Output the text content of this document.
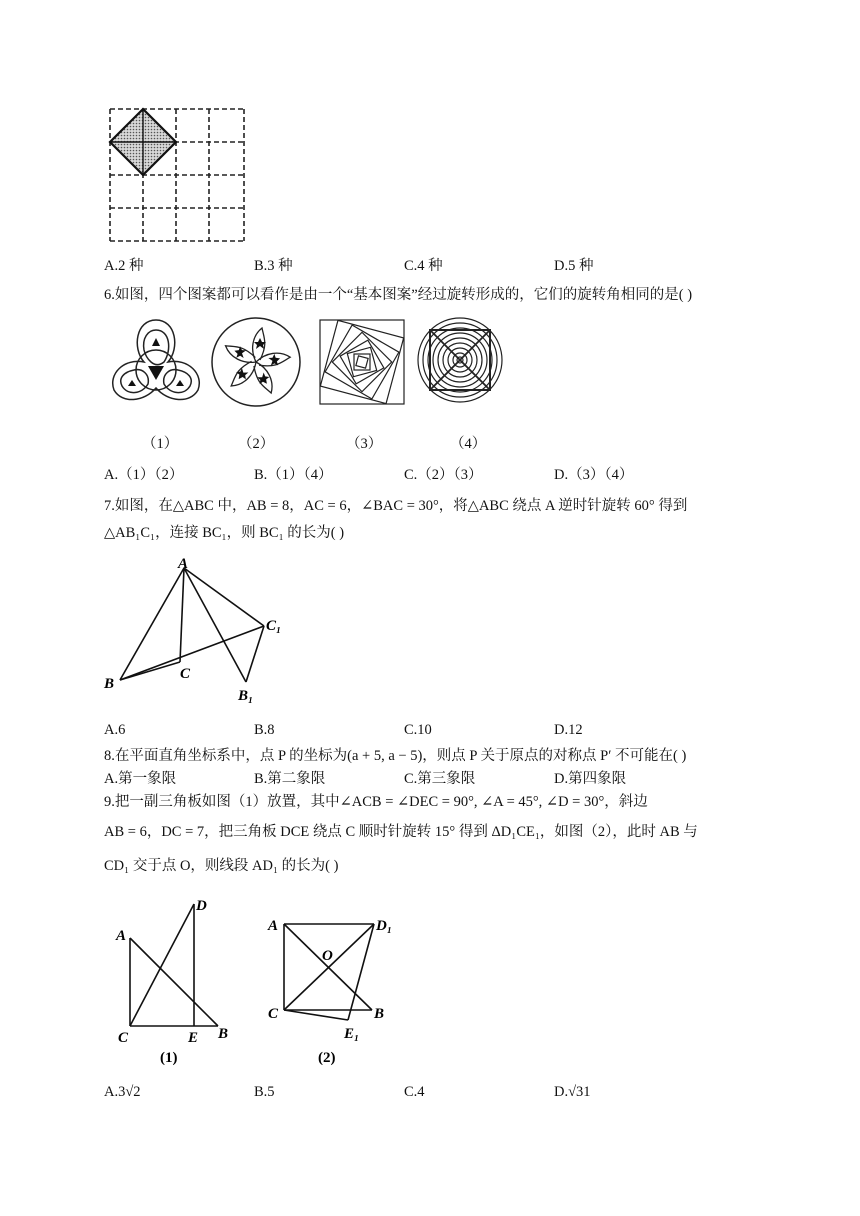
A.2 种	B.3 种	C.4 种	D.5 种
6.如图，四个图案都可以看作是由一个“基本图案”经过旋转形成的，它们的旋转角相同的是( )
（1）	（2）	（3）	（4）
A.（1）（2）	B.（1）（4）	C.（2）（3）	D.（3）（4）
7.如图，在△ABC 中，AB = 8，AC = 6，∠BAC = 30°，将△ABC 绕点 A 逆时针旋转 60° 得到
△AB₁C₁，连接 BC₁，则 BC₁ 的长为( )
A
B
C
C₁
B₁
A.6	B.8	C.10	D.12
8.在平面直角坐标系中，点 P 的坐标为(a + 5, a − 5)，则点 P 关于原点的对称点 P′ 不可能在( )
A.第一象限	B.第二象限	C.第三象限	D.第四象限
9.把一副三角板如图（1）放置，其中∠ACB = ∠DEC = 90°, ∠A = 45°, ∠D = 30°，斜边
AB = 6，DC = 7，把三角板 DCE 绕点 C 顺时针旋转 15° 得到 ΔD₁CE₁，如图（2），此时 AB 与
CD₁ 交于点 O，则线段 AD₁ 的长为( )
A
D
C	E B
(1)
A	D₁
O
C	B
E₁
(2)
A.3√2	B.5	C.4	D.√31
